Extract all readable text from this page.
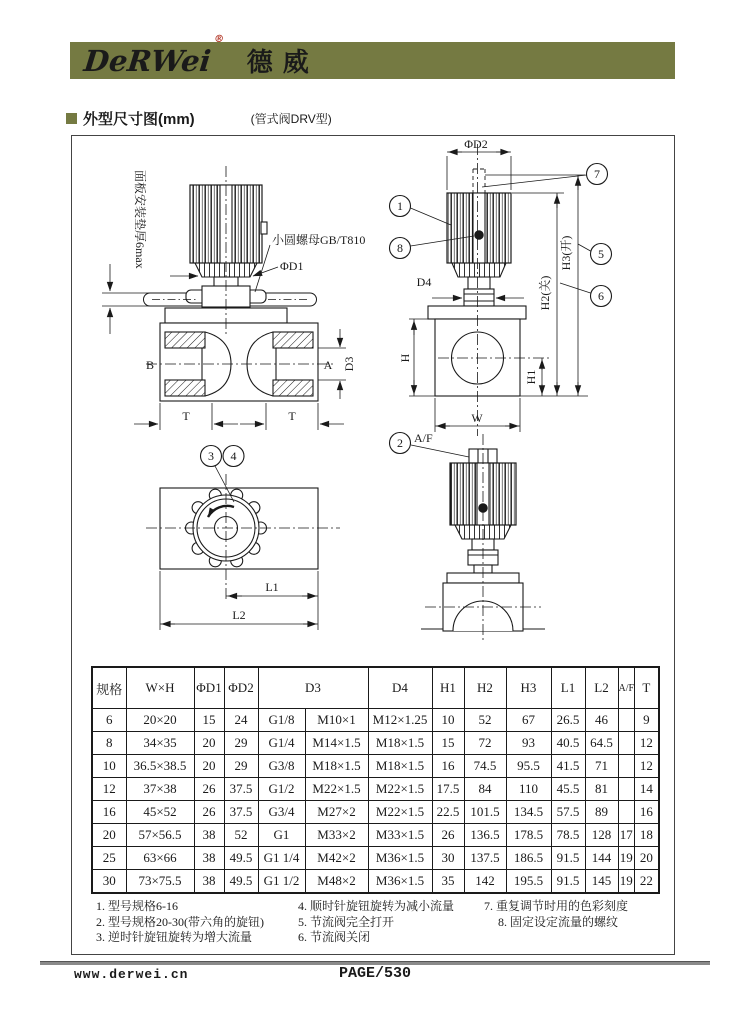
DeRWei®
德威
外型尺寸图(mm)	(管式阀DRV型)
面板安装垫厚6max	小圆螺母GB/T810
ΦD1
B	A D3
T	T
ΦD2
D4
H
H1
H2(关)
H3(开)
W
1
7
8	5
6
3 4
L1
L2
2 A/F
规格	W×H	ΦD1	ΦD2	D3		D4	H1	H2	H3	L1	L2	A/F	T
6	20×20	15	24	G1/8	M10×1	M12×1.25	10	52	67	26.5	46		9
8	34×35	20	29	G1/4	M14×1.5	M18×1.5	15	72	93	40.5	64.5		12
10	36.5×38.5	20	29	G3/8	M18×1.5	M18×1.5	16	74.5	95.5	41.5	71		12
12	37×38	26	37.5	G1/2	M22×1.5	M22×1.5	17.5	84	110	45.5	81		14
16	45×52	26	37.5	G3/4	M27×2	M22×1.5	22.5	101.5	134.5	57.5	89		16
20	57×56.5	38	52	G1	M33×2	M33×1.5	26	136.5	178.5	78.5	128	17	18
25	63×66	38	49.5	G1 1/4	M42×2	M36×1.5	30	137.5	186.5	91.5	144	19	20
30	73×75.5	38	49.5	G1 1/2	M48×2	M36×1.5	35	142	195.5	91.5	145	19	22
1. 型号规格6-16	4. 顺时针旋钮旋转为减小流量	7. 重复调节时用的色彩刻度
2. 型号规格20-30(带六角的旋钮)	5. 节流阀完全打开	8. 固定设定流量的螺纹
3. 逆时针旋钮旋转为增大流量	6. 节流阀关闭
www.derwei.cn	PAGE/530
